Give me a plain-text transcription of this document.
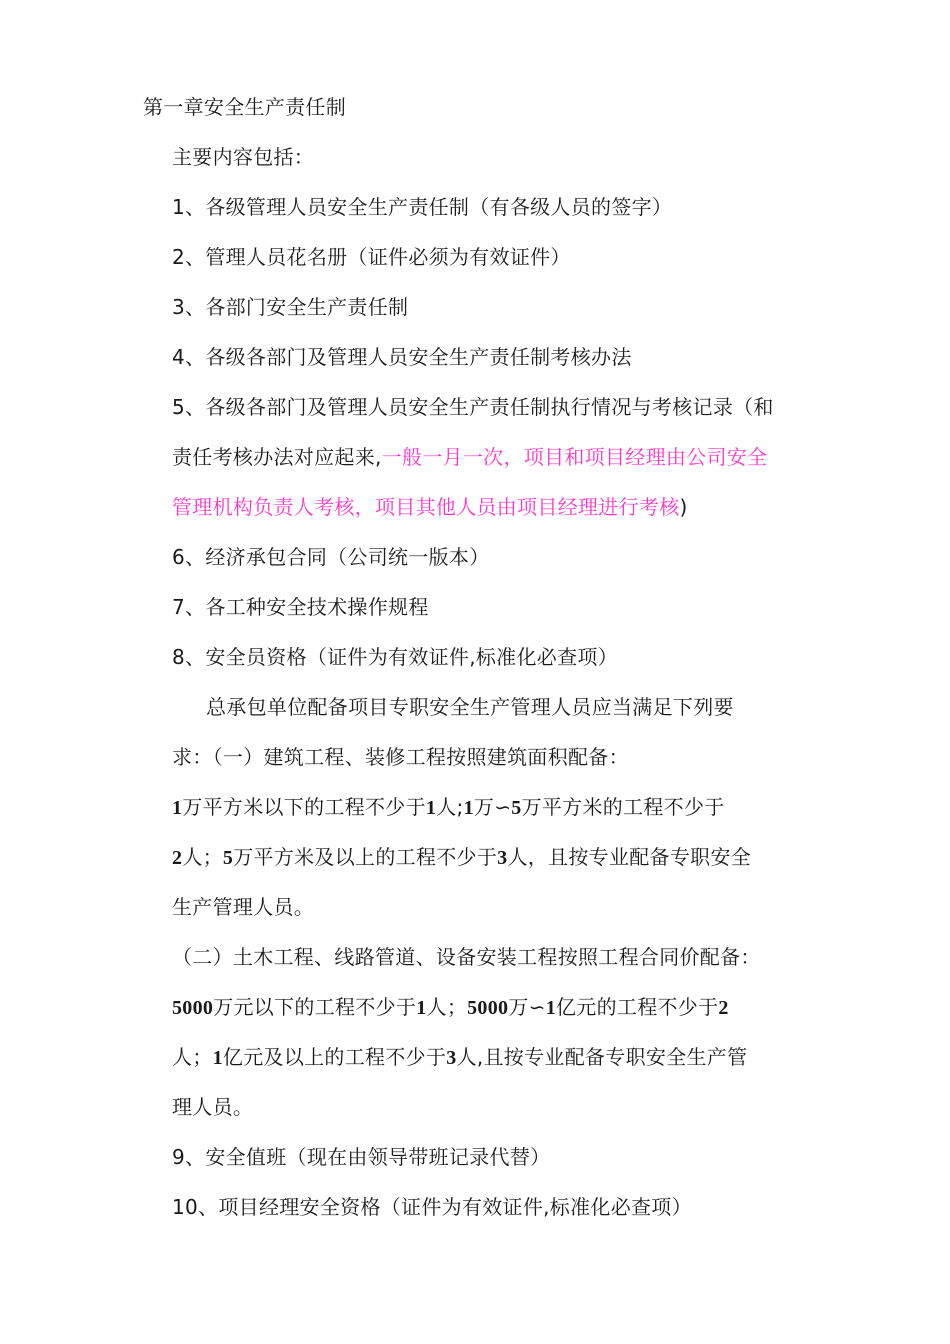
第一章安全生产责任制
主要内容包括：
1、各级管理人员安全生产责任制（有各级人员的签字）
2、管理人员花名册（证件必须为有效证件）
3、各部门安全生产责任制
4、各级各部门及管理人员安全生产责任制考核办法
5、各级各部门及管理人员安全生产责任制执行情况与考核记录（和
责任考核办法对应起来,一般一月一次，项目和项目经理由公司安全
管理机构负责人考核，项目其他人员由项目经理进行考核)
6、经济承包合同（公司统一版本）
7、各工种安全技术操作规程
8、安全员资格（证件为有效证件,标准化必查项）
总承包单位配备项目专职安全生产管理人员应当满足下列要
求：（一）建筑工程、装修工程按照建筑面积配备：
1万平方米以下的工程不少于1人;1万∽5万平方米的工程不少于
2人；5万平方米及以上的工程不少于3人，且按专业配备专职安全
生产管理人员。
（二）土木工程、线路管道、设备安装工程按照工程合同价配备：
5000万元以下的工程不少于1人；5000万∽1亿元的工程不少于2
人；1亿元及以上的工程不少于3人,且按专业配备专职安全生产管
理人员。
9、安全值班（现在由领导带班记录代替）
10、项目经理安全资格（证件为有效证件,标准化必查项）
